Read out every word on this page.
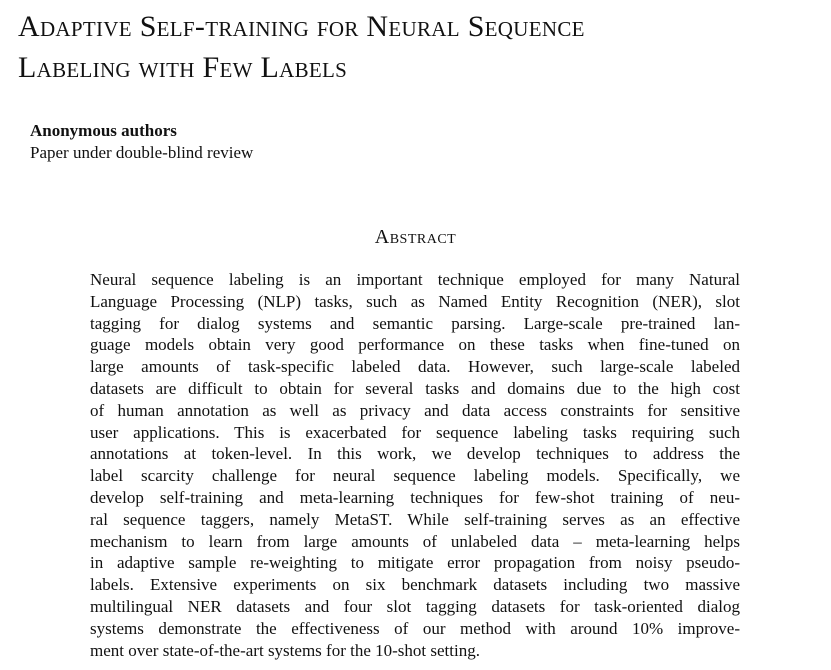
Adaptive Self-training for Neural Sequence
Labeling with Few Labels
Anonymous authors
Paper under double-blind review
Abstract
Neural sequence labeling is an important technique employed for many Natural
Language Processing (NLP) tasks, such as Named Entity Recognition (NER), slot
tagging for dialog systems and semantic parsing. Large-scale pre-trained lan-
guage models obtain very good performance on these tasks when fine-tuned on
large amounts of task-specific labeled data. However, such large-scale labeled
datasets are difficult to obtain for several tasks and domains due to the high cost
of human annotation as well as privacy and data access constraints for sensitive
user applications. This is exacerbated for sequence labeling tasks requiring such
annotations at token-level. In this work, we develop techniques to address the
label scarcity challenge for neural sequence labeling models. Specifically, we
develop self-training and meta-learning techniques for few-shot training of neu-
ral sequence taggers, namely MetaST. While self-training serves as an effective
mechanism to learn from large amounts of unlabeled data – meta-learning helps
in adaptive sample re-weighting to mitigate error propagation from noisy pseudo-
labels. Extensive experiments on six benchmark datasets including two massive
multilingual NER datasets and four slot tagging datasets for task-oriented dialog
systems demonstrate the effectiveness of our method with around 10% improve-
ment over state-of-the-art systems for the 10-shot setting.
